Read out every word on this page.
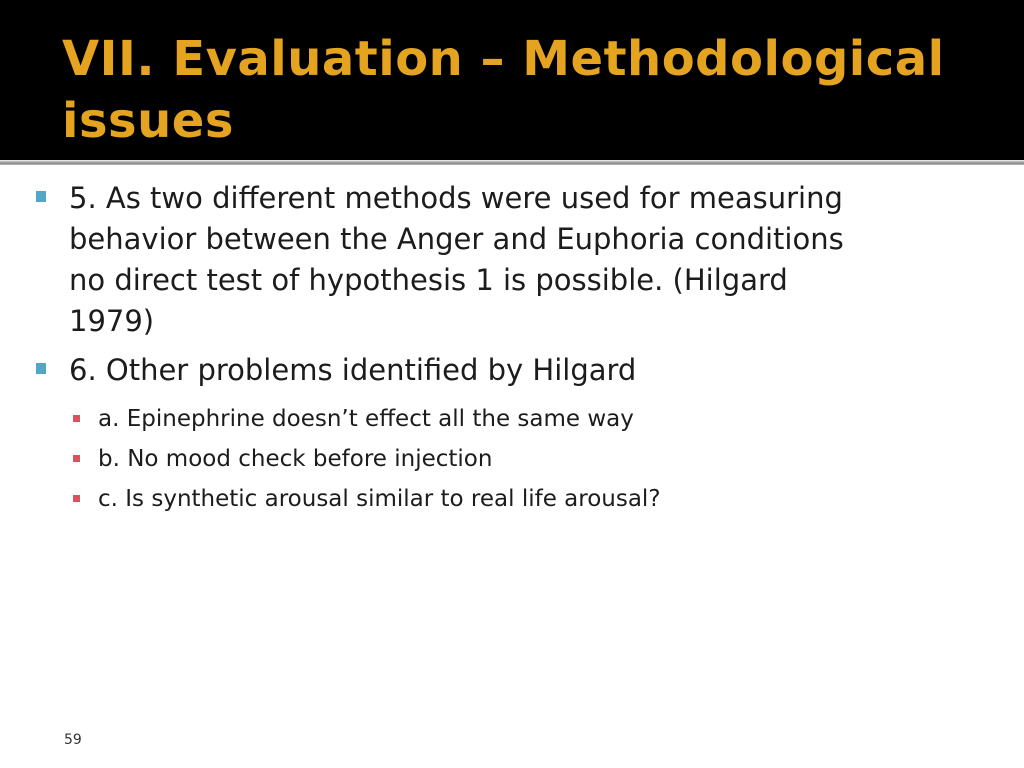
VII. Evaluation – Methodological issues
5. As two different methods were used for measuring behavior between the Anger and Euphoria conditions no direct test of hypothesis 1 is possible. (Hilgard 1979)
6. Other problems identified by Hilgard
a. Epinephrine doesn’t effect all the same way
b. No mood check before injection
c. Is synthetic arousal similar to real life arousal?
59
